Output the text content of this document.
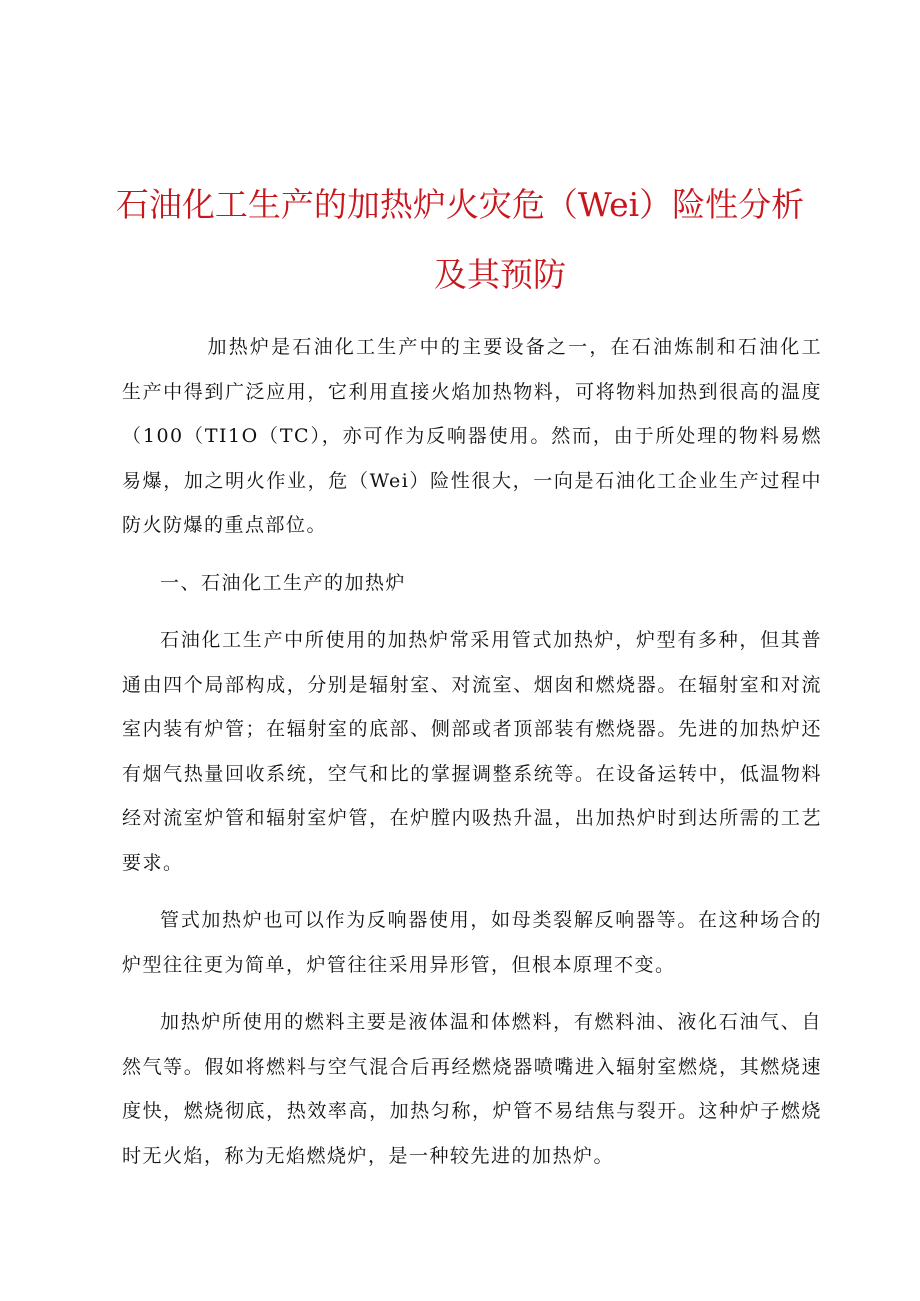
石油化工生产的加热炉火灾危（Wei）险性分析
及其预防

加热炉是石油化工生产中的主要设备之一，在石油炼制和石油化工生产中得到广泛应用，它利用直接火焰加热物料，可将物料加热到很高的温度（100（TI1O（TC），亦可作为反响器使用。然而，由于所处理的物料易燃易爆，加之明火作业，危（Wei）险性很大，一向是石油化工企业生产过程中防火防爆的重点部位。

一、石油化工生产的加热炉

石油化工生产中所使用的加热炉常采用管式加热炉，炉型有多种，但其普通由四个局部构成，分别是辐射室、对流室、烟囱和燃烧器。在辐射室和对流室内装有炉管；在辐射室的底部、侧部或者顶部装有燃烧器。先进的加热炉还有烟气热量回收系统，空气和比的掌握调整系统等。在设备运转中，低温物料经对流室炉管和辐射室炉管，在炉膛内吸热升温，出加热炉时到达所需的工艺要求。

管式加热炉也可以作为反响器使用，如母类裂解反响器等。在这种场合的炉型往往更为简单，炉管往往采用异形管，但根本原理不变。

加热炉所使用的燃料主要是液体温和体燃料，有燃料油、液化石油气、自然气等。假如将燃料与空气混合后再经燃烧器喷嘴进入辐射室燃烧，其燃烧速度快，燃烧彻底，热效率高，加热匀称，炉管不易结焦与裂开。这种炉子燃烧时无火焰，称为无焰燃烧炉，是一种较先进的加热炉。
